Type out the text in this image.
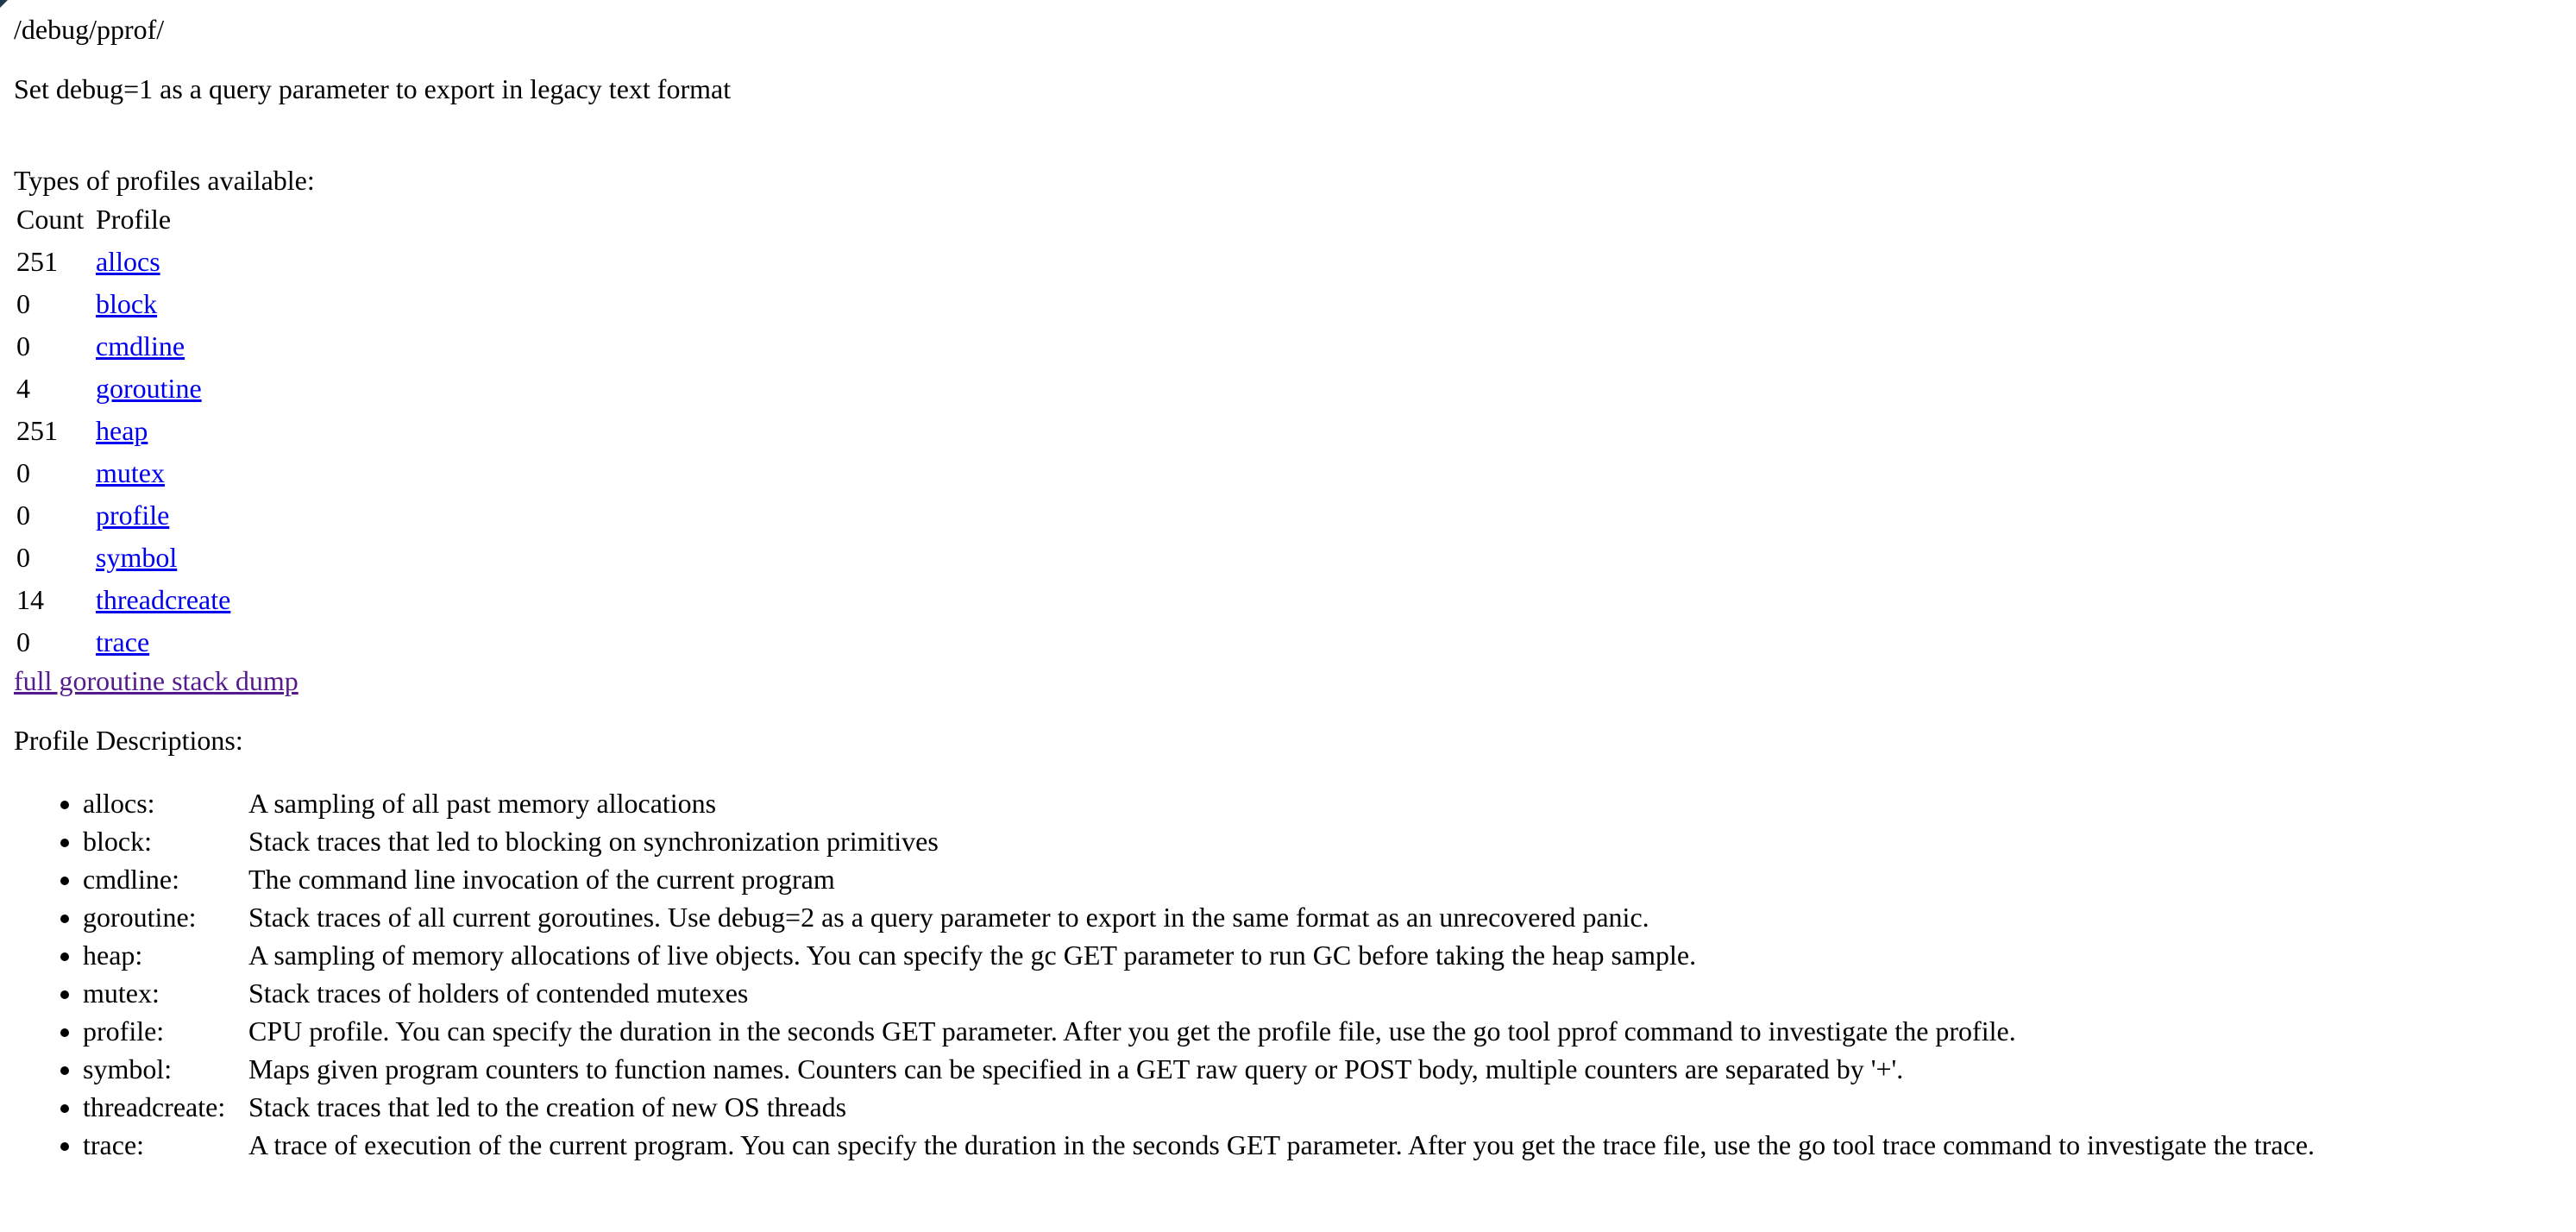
/debug/pprof/

Set debug=1 as a query parameter to export in legacy text format

Types of profiles available:
Count	Profile
251	allocs
0	block
0	cmdline
4	goroutine
251	heap
0	mutex
0	profile
0	symbol
14	threadcreate
0	trace
full goroutine stack dump
Profile Descriptions:
• allocs:	A sampling of all past memory allocations
• block:	Stack traces that led to blocking on synchronization primitives
• cmdline:	The command line invocation of the current program
• goroutine: Stack traces of all current goroutines. Use debug=2 as a query parameter to export in the same format as an unrecovered panic.
• heap:	A sampling of memory allocations of live objects. You can specify the gc GET parameter to run GC before taking the heap sample.
• mutex:	Stack traces of holders of contended mutexes
• profile:	CPU profile. You can specify the duration in the seconds GET parameter. After you get the profile file, use the go tool pprof command to investigate the profile.
• symbol:	Maps given program counters to function names. Counters can be specified in a GET raw query or POST body, multiple counters are separated by '+'.
• threadcreate: Stack traces that led to the creation of new OS threads
• trace:	A trace of execution of the current program. You can specify the duration in the seconds GET parameter. After you get the trace file, use the go tool trace command to investigate the trace.
